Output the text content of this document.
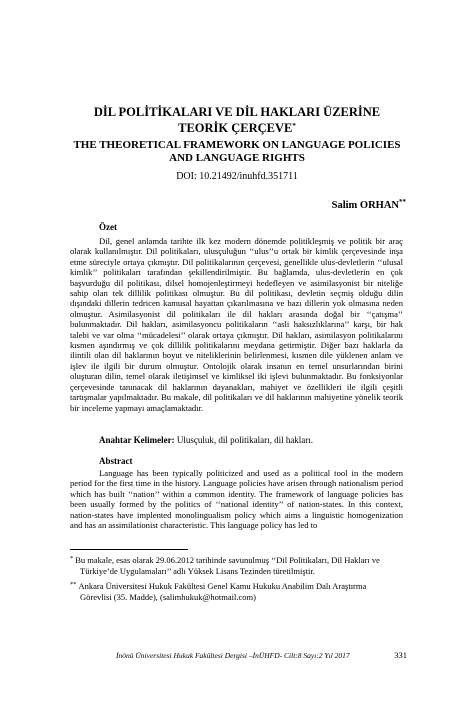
DİL POLİTİKALARI VE DİL HAKLARI ÜZERİNE TEORİK ÇERÇEVE*
THE THEORETICAL FRAMEWORK ON LANGUAGE POLICIES AND LANGUAGE RIGHTS
DOI: 10.21492/inuhfd.351711
Salim ORHAN**
Özet

Dil, genel anlamda tarihte ilk kez modern dönemde politikleşmiş ve politik bir araç olarak kullanılmıştır. Dil politikaları, ulusçuluğun ‘‘ulus’’u ortak bir kimlik çerçevesinde inşa etme süreciyle ortaya çıkmıştır. Dil politikalarının çerçevesi, genellikle ulus-devletlerin ‘‘ulusal kimlik’’ politikaları tarafından şekillendirilmiştir. Bu bağlamda, ulus-devletlerin en çok başvurduğu dil politikası, dilsel homojenleştirmeyi hedefleyen ve asimilasyonist bir niteliğe sahip olan tek dillilik politikası olmuştur. Bu dil politikası, devletin seçmiş olduğu dilin dışındaki dillerin tedricen kamusal hayattan çıkarılmasına ve bazı dillerin yok olmasına neden olmuştur. Asimilasyonist dil politikaları ile dil hakları arasında doğal bir ‘‘çatışma’’ bulunmaktadır. Dil hakları, asimilasyoncu politikaların ‘‘asli haksızlıklarına’’ karşı, bir hak talebi ve var olma ‘‘mücadelesi’’ olarak ortaya çıkmıştır. Dil hakları, asimilasyon politikalarını kısmen aşındırmış ve çok dillilik politikalarını meydana getirmiştir. Diğer bazı haklarla da ilintili olan dil haklarının boyut ve niteliklerinin belirlenmesi, kısmen dile yüklenen anlam ve işlev ile ilgili bir durum olmuştur. Ontolojik olarak insanın en temel unsurlarından birini oluşturan dilin, temel olarak iletişimsel ve kimliksel iki işlevi bulunmaktadır. Bu fonksiyonlar çerçevesinde tanınacak dil haklarının dayanakları, mahiyet ve özellikleri ile ilgili çeşitli tartışmalar yapılmaktadır. Bu makale, dil politikaları ve dil haklarının mahiyetine yönelik teorik bir inceleme yapmayı amaçlamaktadır.

Anahtar Kelimeler: Ulusçuluk, dil politikaları, dil hakları.
Abstract

Language has been typically politicized and used as a political tool in the modern period for the first time in the history. Language policies have arisen through nationalism period which has built ‘‘nation’’ within a common identity. The framework of language policies has been usually formed by the politics of ‘‘national identity’’ of nation-states. In this context, nation-states have implented monolingualism policy which aims a linguistic homogenization and has an assimilationist characteristic. This language policy has led to

* Bu makale, esas olarak 29.06.2012 tarihinde savunulmuş ‘‘Dil Politikaları, Dil Hakları ve
Türkiye’de Uygulamaları’’ adlı Yüksek Lisans Tezinden türetilmiştir.
** Ankara Üniversitesi Hukuk Fakültesi Genel Kamu Hukuku Anabilim Dalı Araştırma
Görevlisi (35. Madde), (salimhukuk@hotmail.com)
İnönü Üniversitesi Hukuk Fakültesi Dergisi –İnÜHFD- Cilt:8 Sayı:2 Yıl 2017	331
